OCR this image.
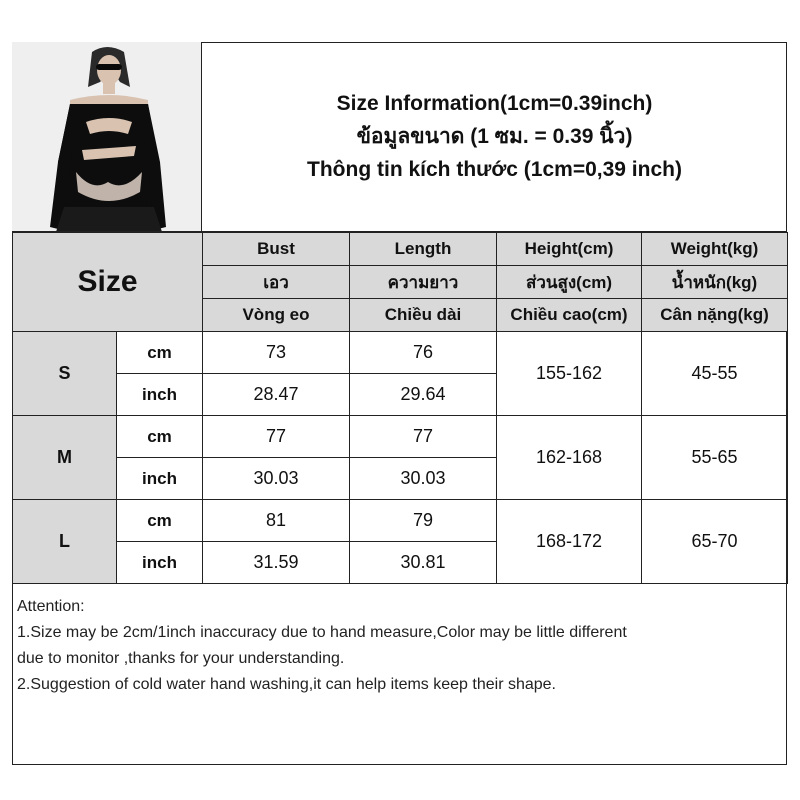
Size Information(1cm=0.39inch)
ข้อมูลขนาด (1 ซม. = 0.39 นิ้ว)
Thông tin kích thước (1cm=0,39 inch)
Size		Bust	Length	Height(cm)	Weight(kg)
		เอว	ความยาว	ส่วนสูง(cm)	น้ำหนัก(kg)
		Vòng eo	Chiều dài	Chiều cao(cm)	Cân nặng(kg)
S	cm	73	76	155-162	45-55
	inch	28.47	29.64		
M	cm	77	77	162-168	55-65
	inch	30.03	30.03		
L	cm	81	79	168-172	65-70
	inch	31.59	30.81		
Attention:
1.Size may be 2cm/1inch inaccuracy due to hand measure,Color may be little different
due to monitor ,thanks for your understanding.
2.Suggestion of cold water hand washing,it can help items keep their shape.
